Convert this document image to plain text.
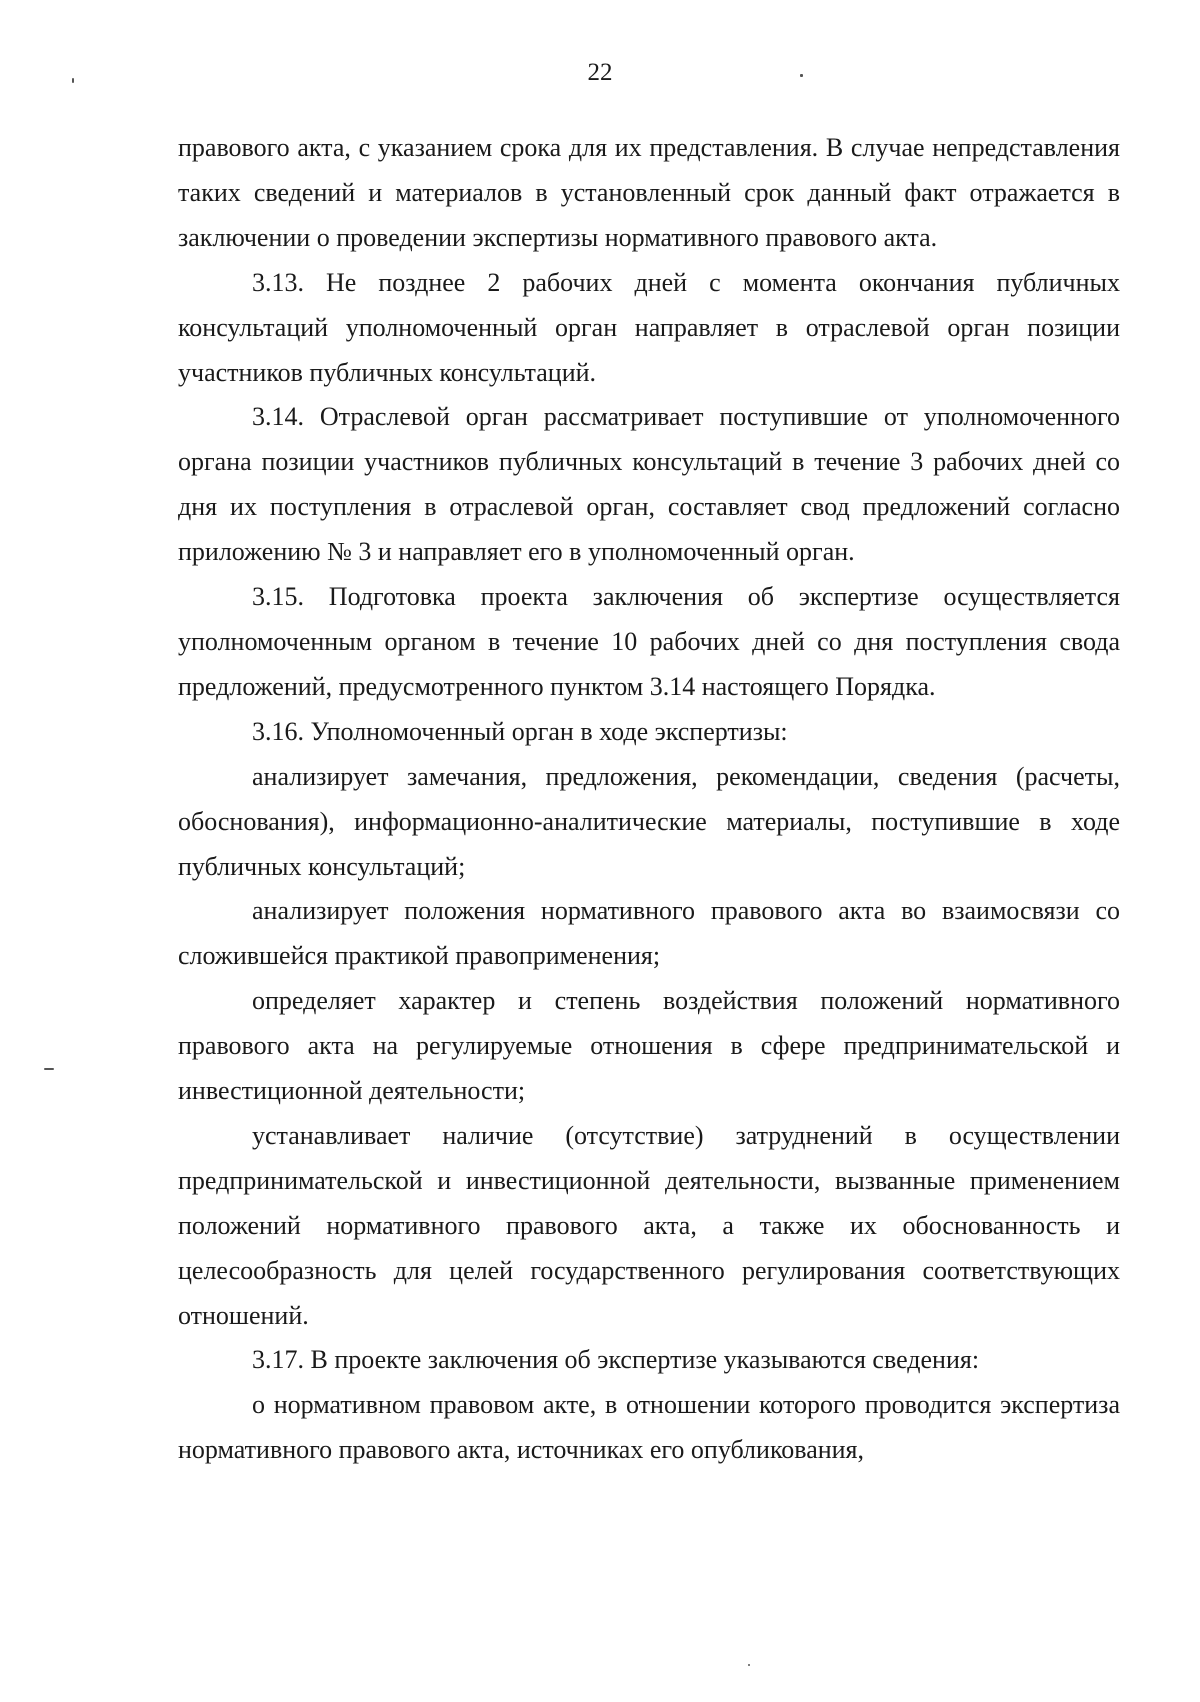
22

правового акта, с указанием срока для их представления. В случае непредставления таких сведений и материалов в установленный срок данный факт отражается в заключении о проведении экспертизы нормативного правового акта.

3.13. Не позднее 2 рабочих дней с момента окончания публичных консультаций уполномоченный орган направляет в отраслевой орган позиции участников публичных консультаций.

3.14. Отраслевой орган рассматривает поступившие от уполномоченного органа позиции участников публичных консультаций в течение 3 рабочих дней со дня их поступления в отраслевой орган, составляет свод предложений согласно приложению № 3 и направляет его в уполномоченный орган.

3.15. Подготовка проекта заключения об экспертизе осуществляется уполномоченным органом в течение 10 рабочих дней со дня поступления свода предложений, предусмотренного пунктом 3.14 настоящего Порядка.

3.16. Уполномоченный орган в ходе экспертизы:

анализирует замечания, предложения, рекомендации, сведения (расчеты, обоснования), информационно-аналитические материалы, поступившие в ходе публичных консультаций;

анализирует положения нормативного правового акта во взаимосвязи со сложившейся практикой правоприменения;

определяет характер и степень воздействия положений нормативного правового акта на регулируемые отношения в сфере предпринимательской и инвестиционной деятельности;

устанавливает наличие (отсутствие) затруднений в осуществлении предпринимательской и инвестиционной деятельности, вызванные применением положений нормативного правового акта, а также их обоснованность и целесообразность для целей государственного регулирования соответствующих отношений.

3.17. В проекте заключения об экспертизе указываются сведения:

о нормативном правовом акте, в отношении которого проводится экспертиза нормативного правового акта, источниках его опубликования,
